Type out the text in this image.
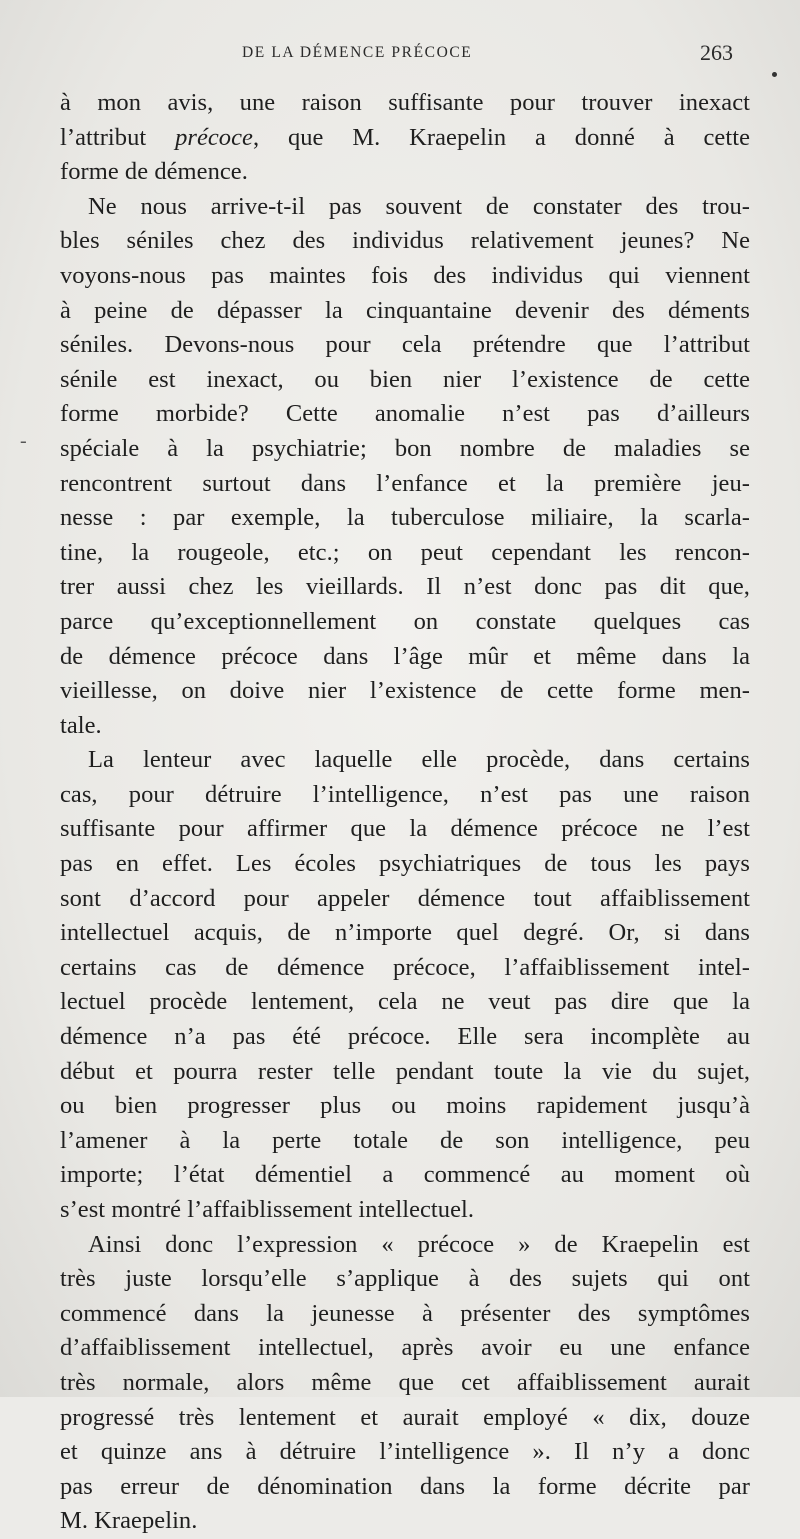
DE LA DÉMENCE PRÉCOCE	263
-
à mon avis, une raison suffisante pour trouver inexact
l’attribut précoce, que M. Kraepelin a donné à cette
forme de démence.
Ne nous arrive-t-il pas souvent de constater des trou-
bles séniles chez des individus relativement jeunes? Ne
voyons-nous pas maintes fois des individus qui viennent
à peine de dépasser la cinquantaine devenir des déments
séniles. Devons-nous pour cela prétendre que l’attribut
sénile est inexact, ou bien nier l’existence de cette
forme morbide? Cette anomalie n’est pas d’ailleurs
spéciale à la psychiatrie; bon nombre de maladies se
rencontrent surtout dans l’enfance et la première jeu-
nesse : par exemple, la tuberculose miliaire, la scarla-
tine, la rougeole, etc.; on peut cependant les rencon-
trer aussi chez les vieillards. Il n’est donc pas dit que,
parce qu’exceptionnellement on constate quelques cas
de démence précoce dans l’âge mûr et même dans la
vieillesse, on doive nier l’existence de cette forme men-
tale.
La lenteur avec laquelle elle procède, dans certains
cas, pour détruire l’intelligence, n’est pas une raison
suffisante pour affirmer que la démence précoce ne l’est
pas en effet. Les écoles psychiatriques de tous les pays
sont d’accord pour appeler démence tout affaiblissement
intellectuel acquis, de n’importe quel degré. Or, si dans
certains cas de démence précoce, l’affaiblissement intel-
lectuel procède lentement, cela ne veut pas dire que la
démence n’a pas été précoce. Elle sera incomplète au
début et pourra rester telle pendant toute la vie du sujet,
ou bien progresser plus ou moins rapidement jusqu’à
l’amener à la perte totale de son intelligence, peu
importe; l’état démentiel a commencé au moment où
s’est montré l’affaiblissement intellectuel.
Ainsi donc l’expression « précoce » de Kraepelin est
très juste lorsqu’elle s’applique à des sujets qui ont
commencé dans la jeunesse à présenter des symptômes
d’affaiblissement intellectuel, après avoir eu une enfance
très normale, alors même que cet affaiblissement aurait
progressé très lentement et aurait employé « dix, douze
et quinze ans à détruire l’intelligence ». Il n’y a donc
pas erreur de dénomination dans la forme décrite par
M. Kraepelin.
